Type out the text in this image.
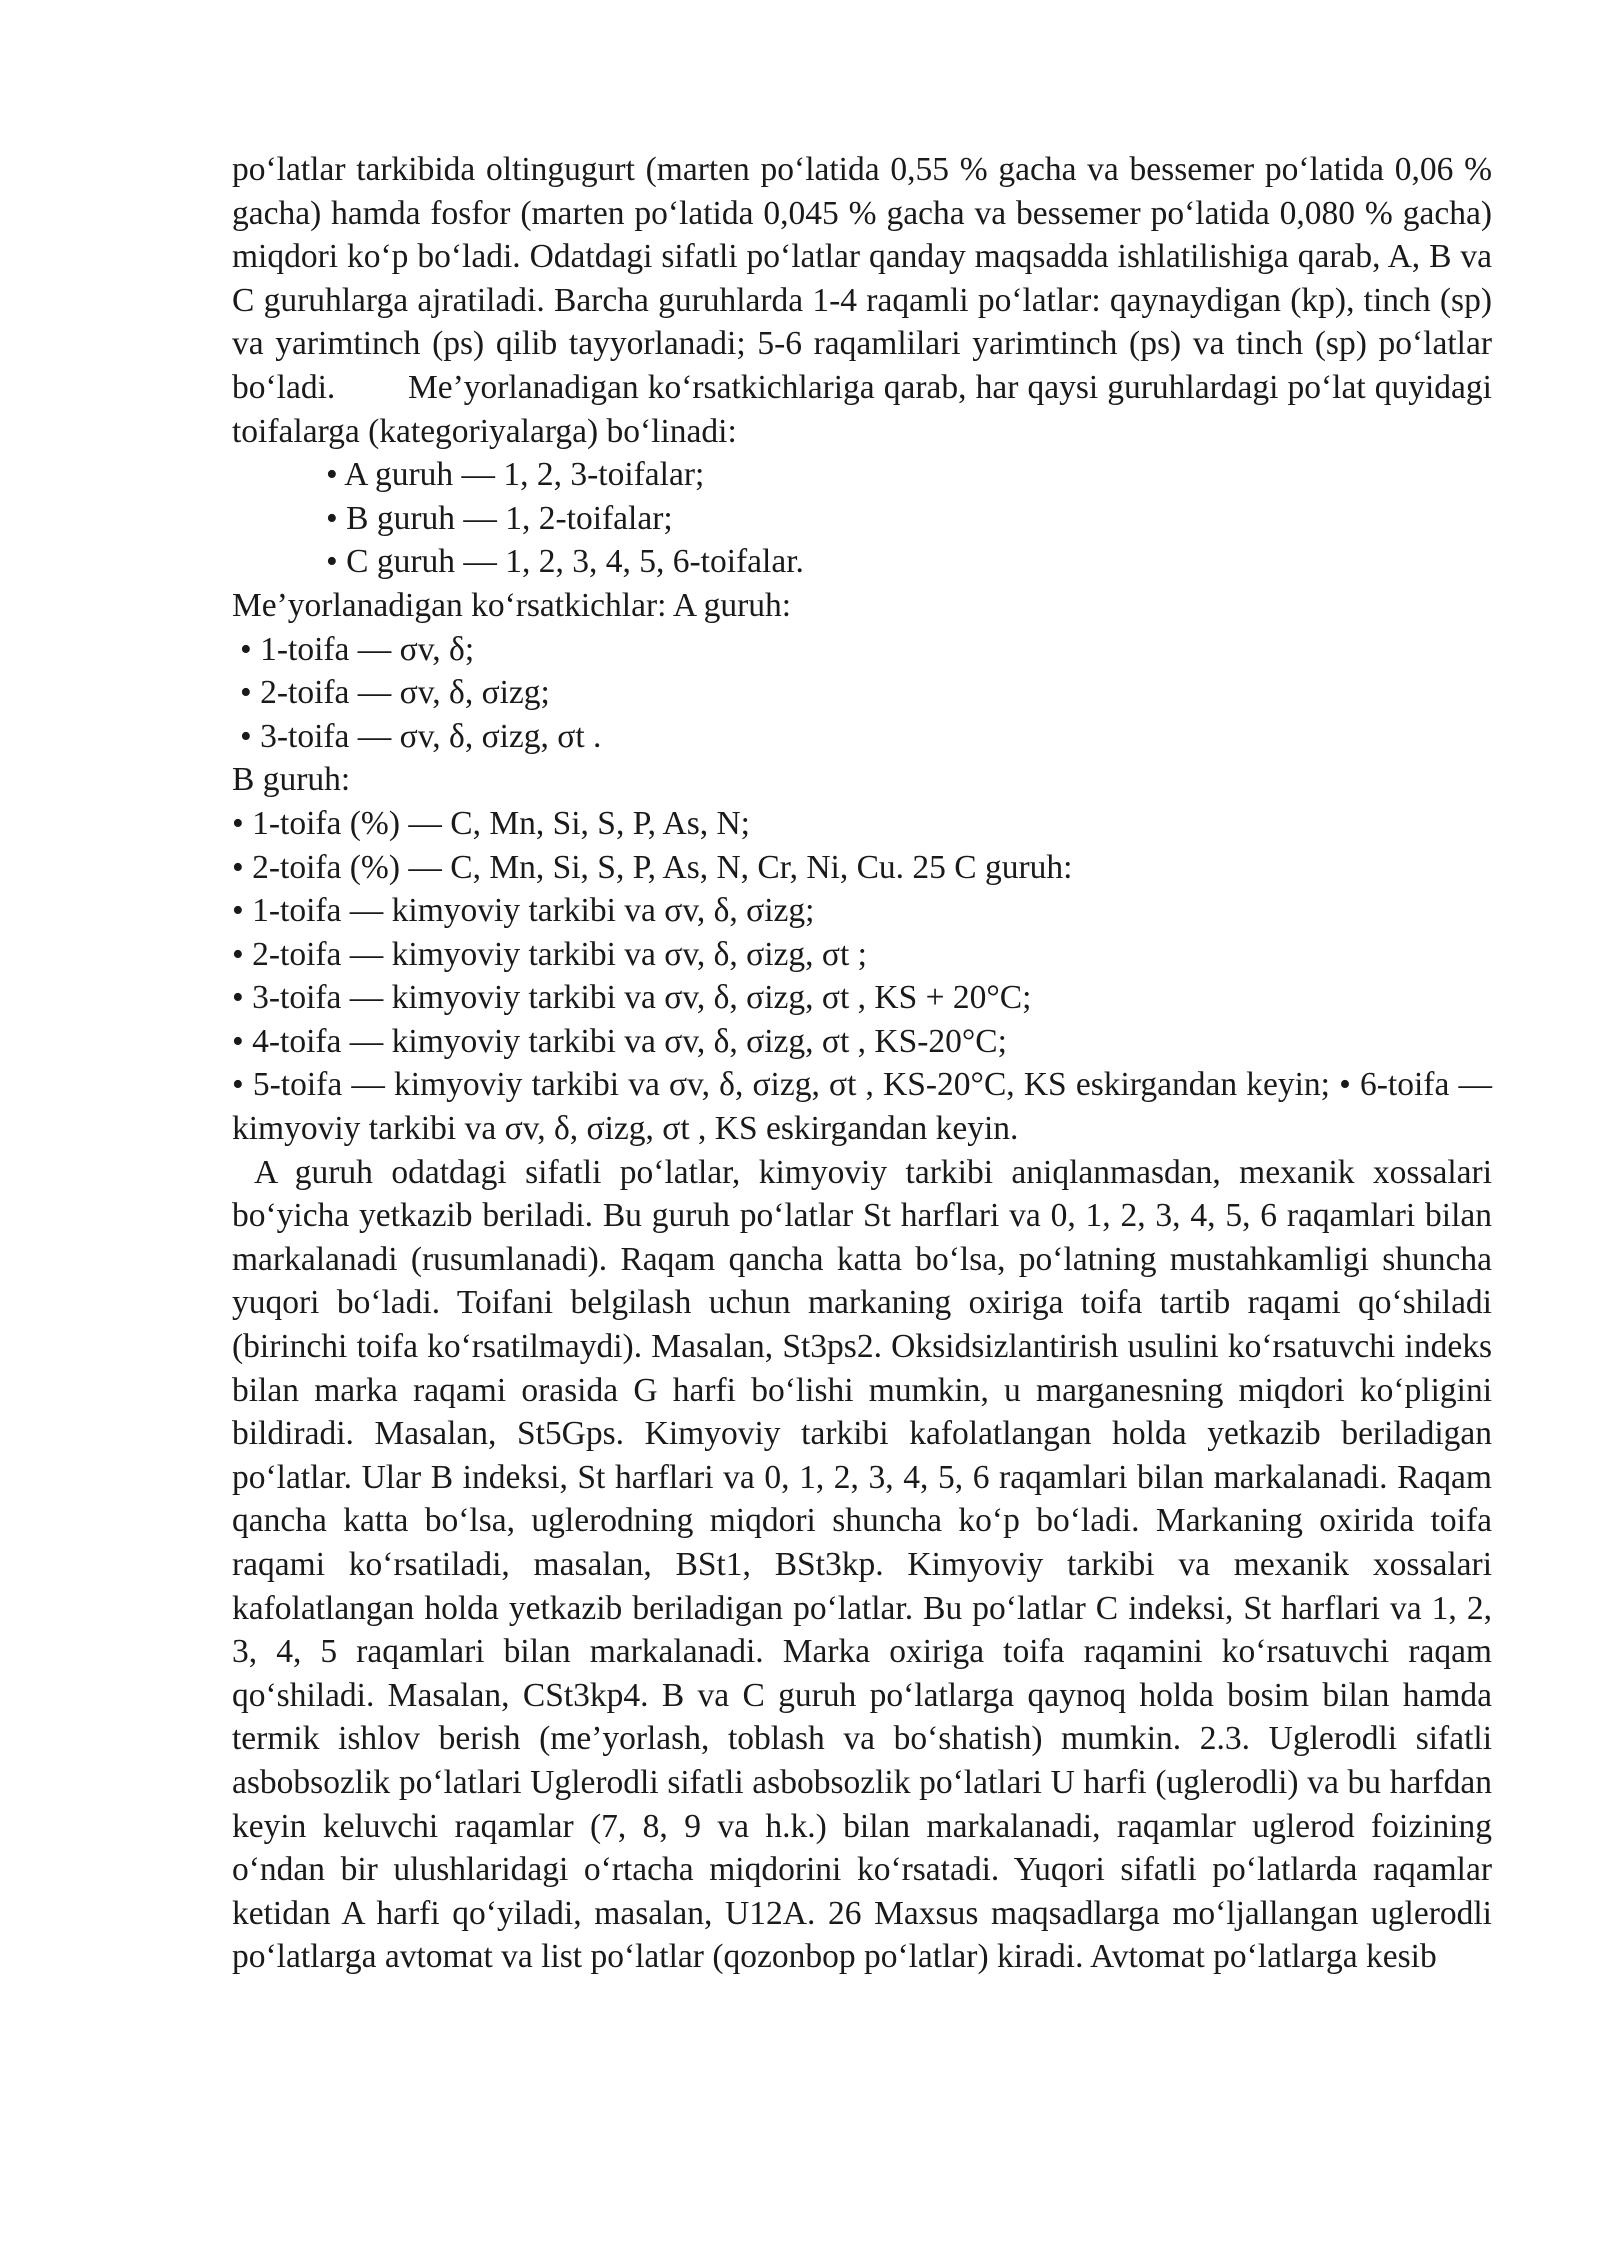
po‘latlar tarkibida oltingugurt (marten po‘latida 0,55 % gacha va bessemer po‘latida 0,06 % gacha) hamda fosfor (marten po‘latida 0,045 % gacha va bessemer po‘latida 0,080 % gacha) miqdori ko‘p bo‘ladi. Odatdagi sifatli po‘latlar qanday maqsadda ishlatilishiga qarab, A, B va C guruhlarga ajratiladi. Barcha guruhlarda 1-4 raqamli po‘latlar: qaynaydigan (kp), tinch (sp) va yarimtinch (ps) qilib tayyorlanadi; 5-6 raqamlilari yarimtinch (ps) va tinch (sp) po‘latlar bo‘ladi.        Me’yorlanadigan ko‘rsatkichlariga qarab, har qaysi guruhlardagi po‘lat quyidagi toifalarga (kategoriyalarga) bo‘linadi:

• A guruh — 1, 2, 3-toifalar;

• B guruh — 1, 2-toifalar;

• C guruh — 1, 2, 3, 4, 5, 6-toifalar.

Me’yorlanadigan ko‘rsatkichlar: A guruh:

• 1-toifa — σv, δ;

• 2-toifa — σv, δ, σizg;

• 3-toifa — σv, δ, σizg, σt .

B guruh:

• 1-toifa (%) — C, Mn, Si, S, P, As, N;

• 2-toifa (%) — C, Mn, Si, S, P, As, N, Cr, Ni, Cu. 25 C guruh:

• 1-toifa — kimyoviy tarkibi va σv, δ, σizg;

• 2-toifa — kimyoviy tarkibi va σv, δ, σizg, σt ;

• 3-toifa — kimyoviy tarkibi va σv, δ, σizg, σt , KS + 20°C;

• 4-toifa — kimyoviy tarkibi va σv, δ, σizg, σt , KS-20°C;

• 5-toifa — kimyoviy tarkibi va σv, δ, σizg, σt , KS-20°C, KS eskirgandan keyin; • 6-toifa — kimyoviy tarkibi va σv, δ, σizg, σt , KS eskirgandan keyin.

A guruh odatdagi sifatli po‘latlar, kimyoviy tarkibi aniqlanmasdan, mexanik xossalari bo‘yicha yetkazib beriladi. Bu guruh po‘latlar St harflari va 0, 1, 2, 3, 4, 5, 6 raqamlari bilan markalanadi (rusumlanadi). Raqam qancha katta bo‘lsa, po‘latning mustahkamligi shuncha yuqori bo‘ladi. Toifani belgilash uchun markaning oxiriga toifa tartib raqami qo‘shiladi (birinchi toifa ko‘rsatilmaydi). Masalan, St3ps2. Oksidsizlantirish usulini ko‘rsatuvchi indeks bilan marka raqami orasida G harfi bo‘lishi mumkin, u marganesning miqdori ko‘pligini bildiradi. Masalan, St5Gps. Kimyoviy tarkibi kafolatlangan holda yetkazib beriladigan po‘latlar. Ular B indeksi, St harflari va 0, 1, 2, 3, 4, 5, 6 raqamlari bilan markalanadi. Raqam qancha katta bo‘lsa, uglerodning miqdori shuncha ko‘p bo‘ladi. Markaning oxirida toifa raqami ko‘rsatiladi, masalan, BSt1, BSt3kp. Kimyoviy tarkibi va mexanik xossalari kafolatlangan holda yetkazib beriladigan po‘latlar. Bu po‘latlar C indeksi, St harflari va 1, 2, 3, 4, 5 raqamlari bilan markalanadi. Marka oxiriga toifa raqamini ko‘rsatuvchi raqam qo‘shiladi. Masalan, CSt3kp4. B va C guruh po‘latlarga qaynoq holda bosim bilan hamda termik ishlov berish (me’yorlash, toblash va bo‘shatish) mumkin. 2.3. Uglerodli sifatli asbobsozlik po‘latlari Uglerodli sifatli asbobsozlik po‘latlari U harfi (uglerodli) va bu harfdan keyin keluvchi raqamlar (7, 8, 9 va h.k.) bilan markalanadi, raqamlar uglerod foizining o‘ndan bir ulushlaridagi o‘rtacha miqdorini ko‘rsatadi. Yuqori sifatli po‘latlarda raqamlar ketidan A harfi qo‘yiladi, masalan, U12A. 26 Maxsus maqsadlarga mo‘ljallangan uglerodli po‘latlarga avtomat va list po‘latlar (qozonbop po‘latlar) kiradi. Avtomat po‘latlarga kesib
